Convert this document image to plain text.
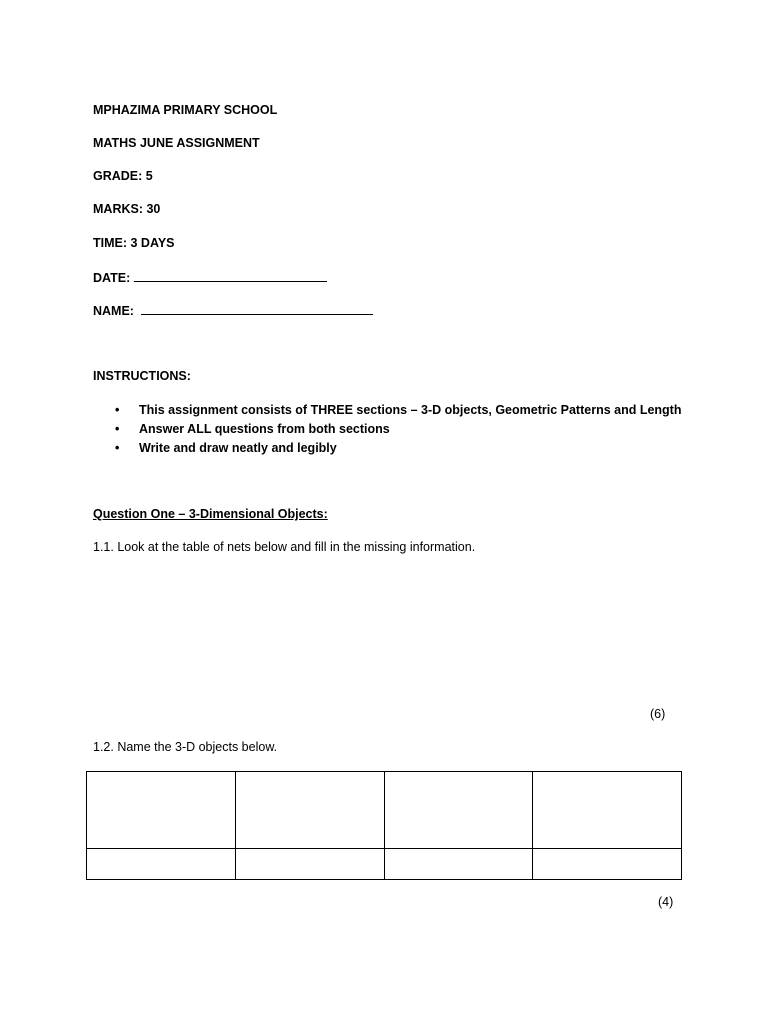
MPHAZIMA PRIMARY SCHOOL
MATHS JUNE ASSIGNMENT
GRADE: 5
MARKS: 30
TIME: 3 DAYS
DATE:
NAME:
INSTRUCTIONS:
• This assignment consists of THREE sections – 3-D objects, Geometric Patterns and Length
• Answer ALL questions from both sections
• Write and draw neatly and legibly
Question One – 3-Dimensional Objects:
1.1. Look at the table of nets below and fill in the missing information.
(6)
1.2. Name the 3-D objects below.

(4)
